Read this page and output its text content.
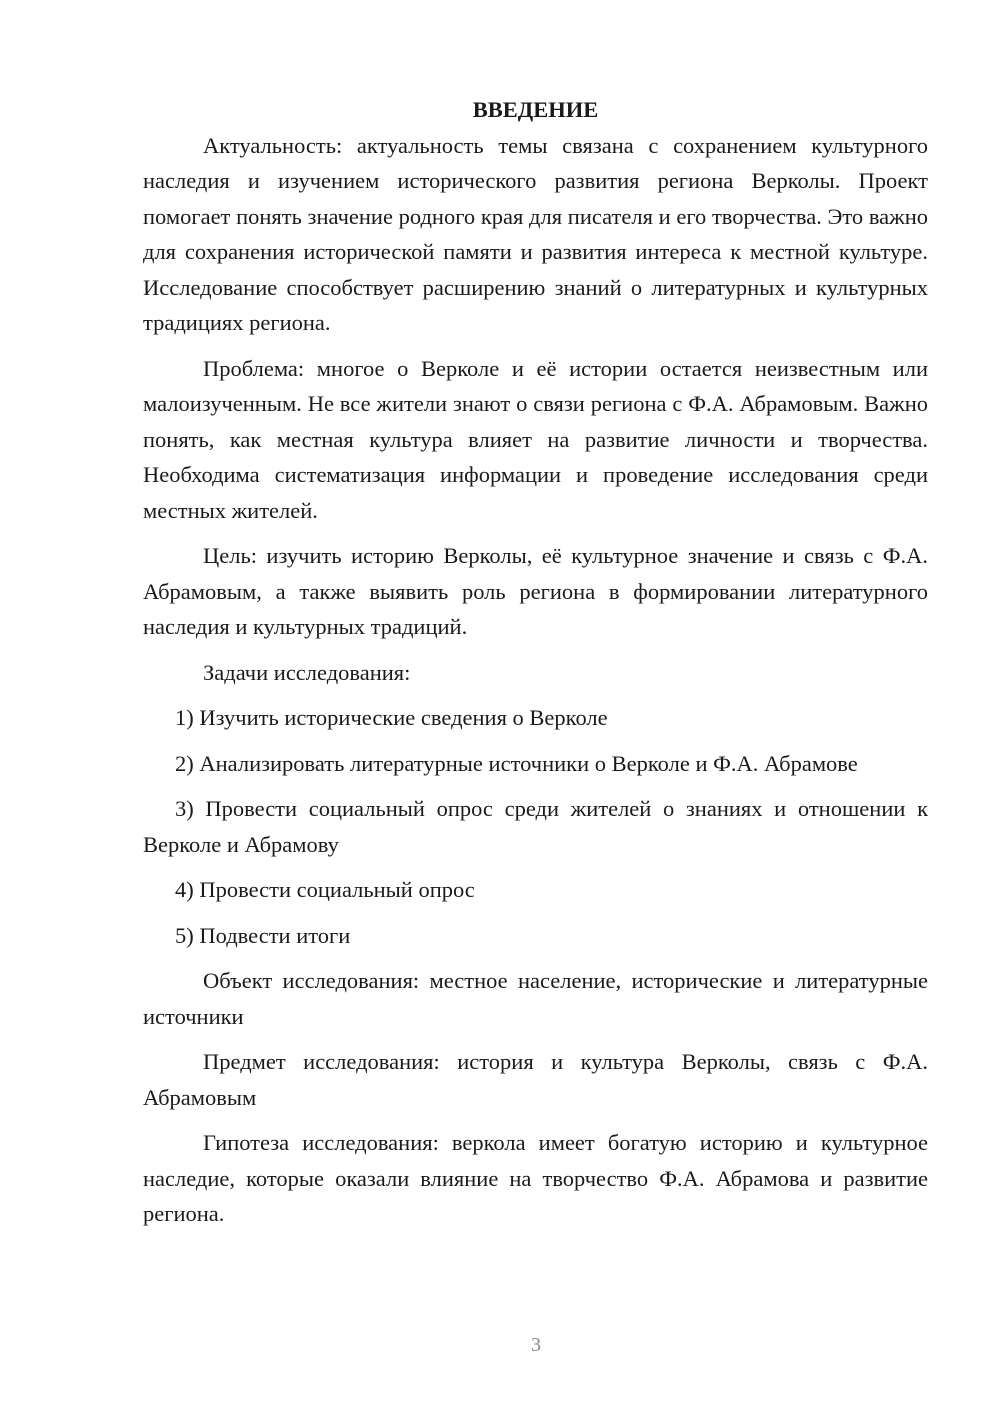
ВВЕДЕНИЕ

Актуальность: актуальность темы связана с сохранением культурного наследия и изучением исторического развития региона Верколы. Проект помогает понять значение родного края для писателя и его творчества. Это важно для сохранения исторической памяти и развития интереса к местной культуре. Исследование способствует расширению знаний о литературных и культурных традициях региона.

Проблема: многое о Верколе и её истории остается неизвестным или малоизученным. Не все жители знают о связи региона с Ф.А. Абрамовым. Важно понять, как местная культура влияет на развитие личности и творчества. Необходима систематизация информации и проведение исследования среди местных жителей.

Цель: изучить историю Верколы, её культурное значение и связь с Ф.А. Абрамовым, а также выявить роль региона в формировании литературного наследия и культурных традиций.

Задачи исследования:

1) Изучить исторические сведения о Верколе

2) Анализировать литературные источники о Верколе и Ф.А. Абрамове

3) Провести социальный опрос среди жителей о знаниях и отношении к Верколе и Абрамову

4) Провести социальный опрос

5) Подвести итоги

Объект исследования: местное население, исторические и литературные источники

Предмет исследования: история и культура Верколы, связь с Ф.А. Абрамовым

Гипотеза исследования: веркола имеет богатую историю и культурное наследие, которые оказали влияние на творчество Ф.А. Абрамова и развитие региона.

3
